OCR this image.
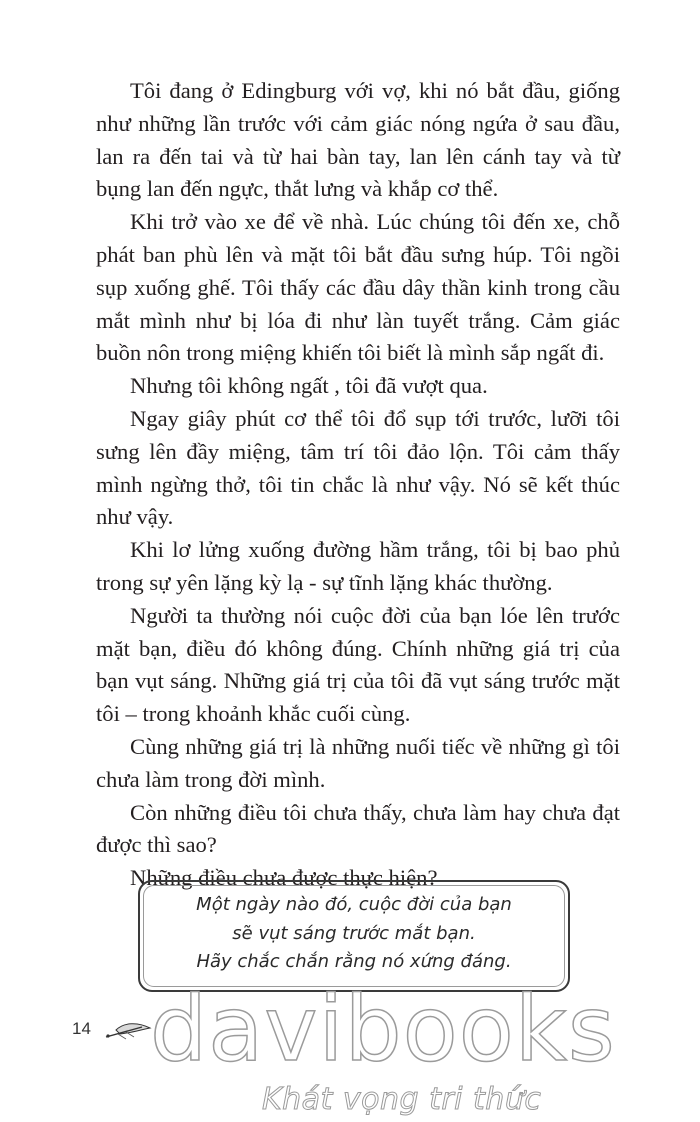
Tôi đang ở Edingburg với vợ, khi nó bắt đầu, giống như những lần trước với cảm giác nóng ngứa ở sau đầu, lan ra đến tai và từ hai bàn tay, lan lên cánh tay và từ bụng lan đến ngực, thắt lưng và khắp cơ thể.

Khi trở vào xe để về nhà. Lúc chúng tôi đến xe, chỗ phát ban phù lên và mặt tôi bắt đầu sưng húp. Tôi ngồi sụp xuống ghế. Tôi thấy các đầu dây thần kinh trong cầu mắt mình như bị lóa đi như làn tuyết trắng. Cảm giác buồn nôn trong miệng khiến tôi biết là mình sắp ngất đi.

Nhưng tôi không ngất , tôi đã vượt qua.

Ngay giây phút cơ thể tôi đổ sụp tới trước, lưỡi tôi sưng lên đầy miệng, tâm trí tôi đảo lộn. Tôi cảm thấy mình ngừng thở, tôi tin chắc là như vậy. Nó sẽ kết thúc như vậy.

Khi lơ lửng xuống đường hầm trắng, tôi bị bao phủ trong sự yên lặng kỳ lạ - sự tĩnh lặng khác thường.

Người ta thường nói cuộc đời của bạn lóe lên trước mặt bạn, điều đó không đúng. Chính những giá trị của bạn vụt sáng. Những giá trị của tôi đã vụt sáng trước mặt tôi – trong khoảnh khắc cuối cùng.

Cùng những giá trị là những nuối tiếc về những gì tôi chưa làm trong đời mình.

Còn những điều tôi chưa thấy, chưa làm hay chưa đạt được thì sao?

Những điều chưa được thực hiện?

Một ngày nào đó, cuộc đời của bạn
sẽ vụt sáng trước mắt bạn.
Hãy chắc chắn rằng nó xứng đáng.
14 davibooks
Khát vọng tri thức
